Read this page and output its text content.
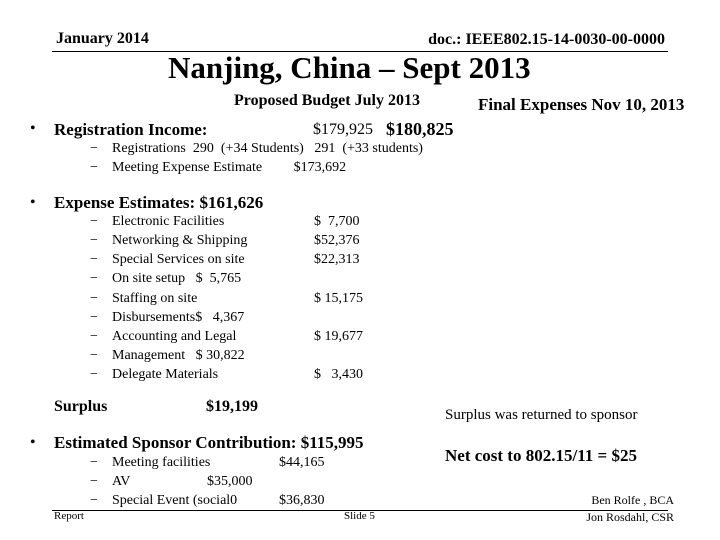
January 2014	doc.: IEEE802.15-14-0030-00-0000
Nanjing, China – Sept 2013
Proposed Budget July 2013	Final Expenses Nov 10, 2013
• Registration Income:	$179,925 $180,825
− Registrations  290  (+34 Students)   291  (+33 students)
− Meeting Expense Estimate         $173,692
• Expense Estimates: $161,626
− Electronic Facilities	$  7,700
− Networking & Shipping	$52,376
− Special Services on site	$22,313
− On site setup   $  5,765
− Staffing on site	$ 15,175
− Disbursements$   4,367
− Accounting and Legal	$ 19,677
− Management   $ 30,822
− Delegate Materials	$   3,430
Surplus	$19,199	Surplus was returned to sponsor
• Estimated Sponsor Contribution: $115,995
Net cost to 802.15/11 = $25
− Meeting facilities	$44,165
− AV	$35,000
− Special Event (social0	$36,830
Report	Slide 5
Ben Rolfe , BCA
Jon Rosdahl, CSR
